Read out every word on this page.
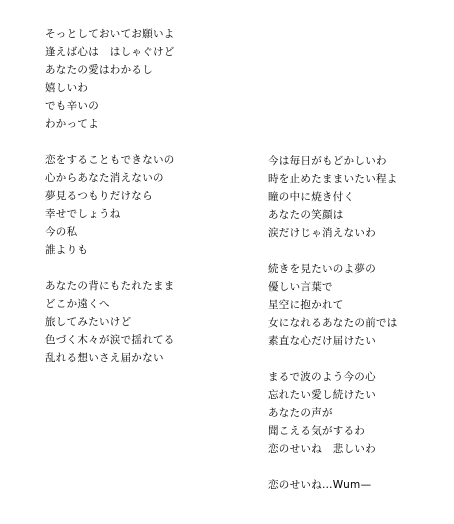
そっとしておいてお願いよ
逢えば心は　はしゃぐけど
あなたの愛はわかるし
嬉しいわ
でも辛いの
わかってよ
恋をすることもできないの
心からあなた消えないの
夢見るつもりだけなら
幸せでしょうね
今の私
誰よりも
あなたの背にもたれたまま
どこか遠くへ
旅してみたいけど
色づく木々が涙で揺れてる
乱れる想いさえ届かない
今は毎日がもどかしいわ
時を止めたままいたい程よ
瞳の中に焼き付く
あなたの笑顔は
涙だけじゃ消えないわ
続きを見たいのよ夢の
優しい言葉で
星空に抱かれて
女になれるあなたの前では
素直な心だけ届けたい
まるで波のよう今の心
忘れたい愛し続けたい
あなたの声が
聞こえる気がするわ
恋のせいね　悲しいわ
恋のせいね…Wum—
